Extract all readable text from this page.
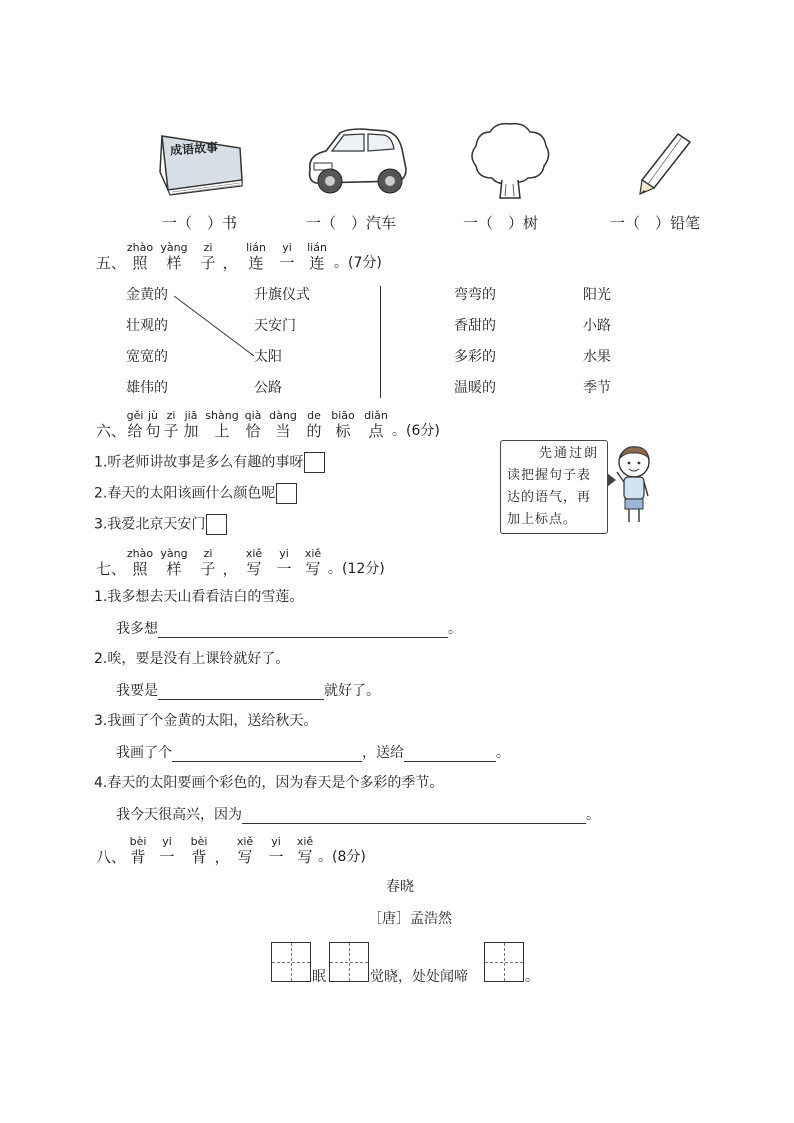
成语故事
一（　）书	一（　）汽车	一（　）树	一（　）铅笔
五、
zhào
照
yàng
样
zi
子 ，
lián
连
yi
一
lián
连 。(7分)
金黄的
壮观的
宽宽的
雄伟的
升旗仪式
天安门
太阳
公路
弯弯的
香甜的
多彩的
温暖的
阳光
小路
水果
季节
六、
gěi
给
jù
句
zi
子
jiā
加
shàng
上
qià
恰
dàng
当
de
的
biāo
标
diǎn
点 。(6分)
1.听老师讲故事是多么有趣的事呀
2.春天的太阳该画什么颜色呢
3.我爱北京天安门
先通过朗
读把握句子表
达的语气，再
加上标点。
七、
zhào
照
yàng
样
zi
子 ，
xiě
写
yi
一
xiě
写 。(12分)
1.我多想去天山看看洁白的雪莲。
我多想	。
2.唉，要是没有上课铃就好了。
我要是	就好了。
3.我画了个金黄的太阳，送给秋天。
我画了个	，送给	。
4.春天的太阳要画个彩色的，因为春天是个多彩的季节。
我今天很高兴，因为	。
八、
bèi
背
yi
一
bèi
背 ，
xiě
写
yi
一
xiě
写 。(8分)
春晓
［唐］孟浩然
眠	觉晓，处处闻啼	。
